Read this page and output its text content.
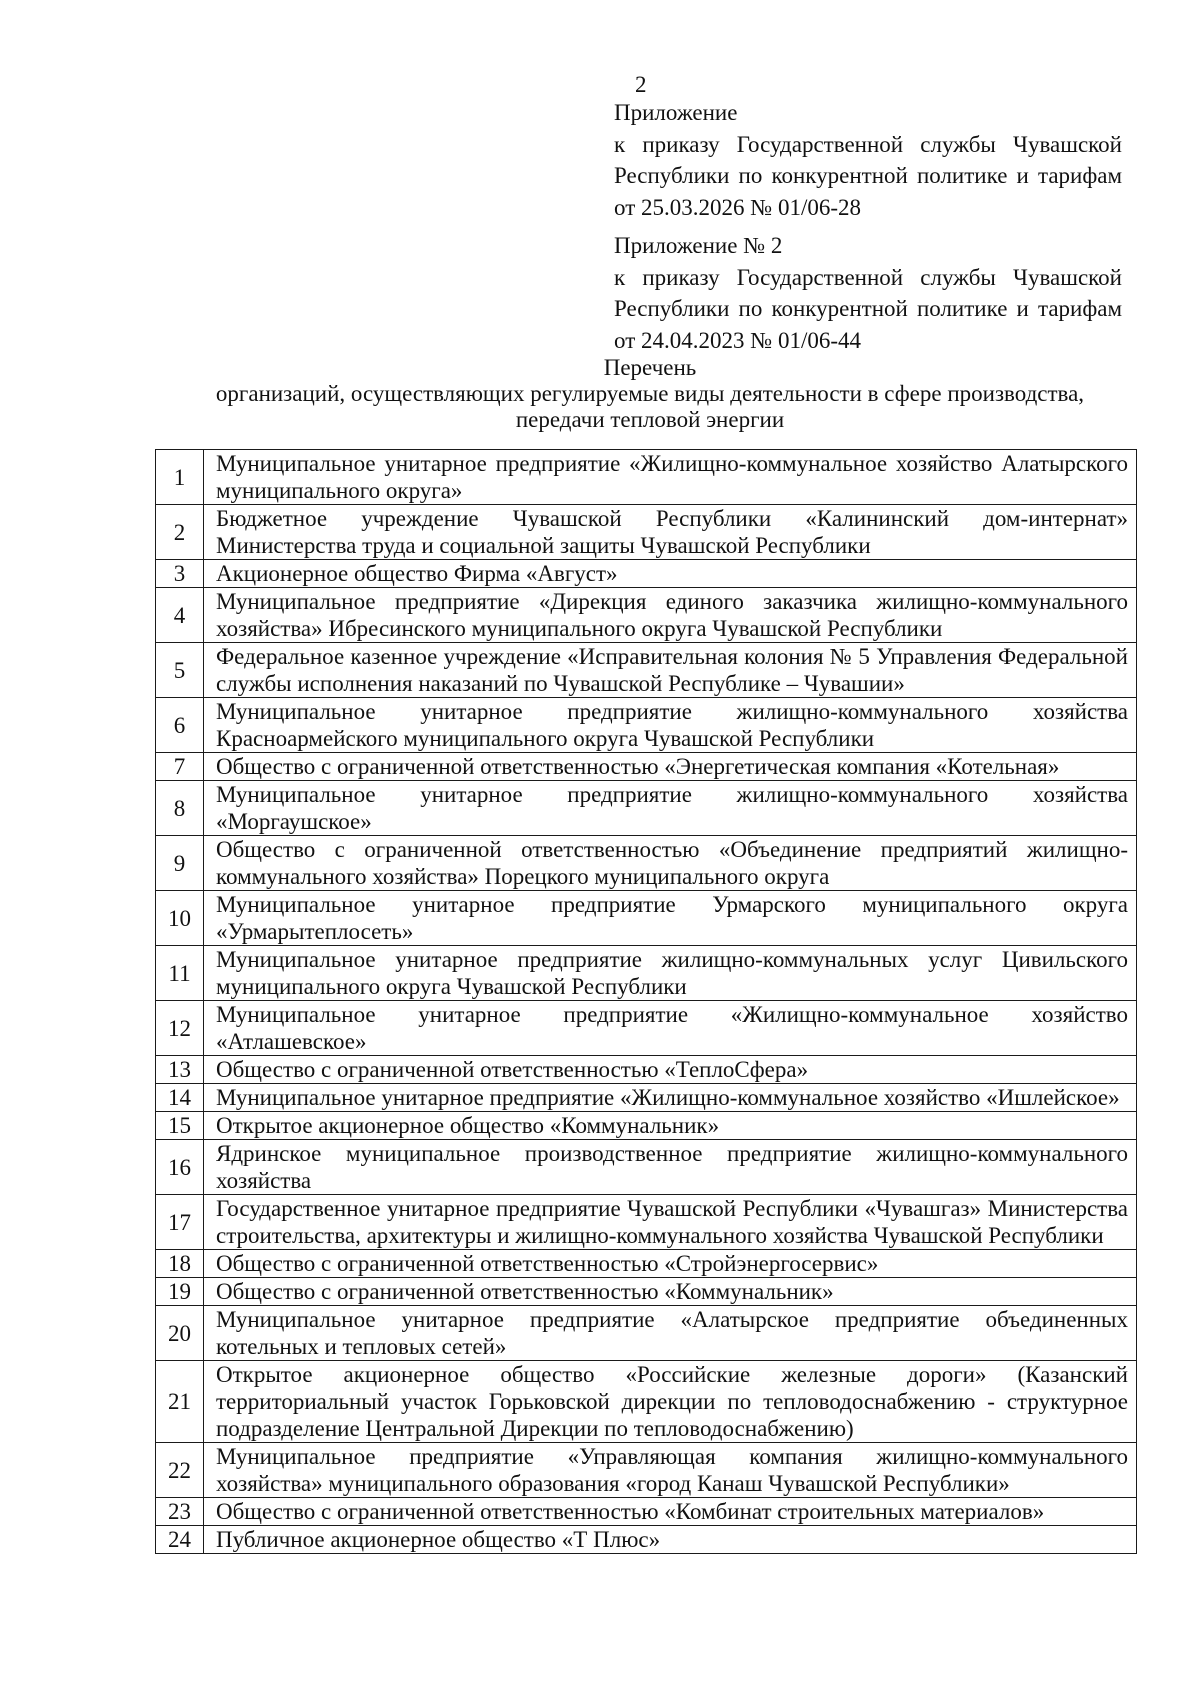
2
Приложение
к приказу Государственной службы Чувашской Республики по конкурентной политике и тарифам от 25.03.2026 № 01/06-28
Приложение № 2
к приказу Государственной службы Чувашской Республики по конкурентной политике и тарифам от 24.04.2023 № 01/06-44
Перечень
организаций, осуществляющих регулируемые виды деятельности в сфере производства,
передачи тепловой энергии
1	Муниципальное унитарное предприятие «Жилищно-коммунальное хозяйство Алатырского муниципального округа»
2	Бюджетное учреждение Чувашской Республики «Калининский дом-интернат» Министерства труда и социальной защиты Чувашской Республики
3	Акционерное общество Фирма «Август»
4	Муниципальное предприятие «Дирекция единого заказчика жилищно-коммунального хозяйства» Ибресинского муниципального округа Чувашской Республики
5	Федеральное казенное учреждение «Исправительная колония № 5 Управления Федеральной службы исполнения наказаний по Чувашской Республике – Чувашии»
6	Муниципальное унитарное предприятие жилищно-коммунального хозяйства Красноармейского муниципального округа Чувашской Республики
7	Общество с ограниченной ответственностью «Энергетическая компания «Котельная»
8	Муниципальное унитарное предприятие жилищно-коммунального хозяйства «Моргаушское»
9	Общество с ограниченной ответственностью «Объединение предприятий жилищно-коммунального хозяйства» Порецкого муниципального округа
10	Муниципальное унитарное предприятие Урмарского муниципального округа «Урмарытеплосеть»
11	Муниципальное унитарное предприятие жилищно-коммунальных услуг Цивильского муниципального округа Чувашской Республики
12	Муниципальное унитарное предприятие «Жилищно-коммунальное хозяйство «Атлашевское»
13	Общество с ограниченной ответственностью «ТеплоСфера»
14	Муниципальное унитарное предприятие «Жилищно-коммунальное хозяйство «Ишлейское»
15	Открытое акционерное общество «Коммунальник»
16	Ядринское муниципальное производственное предприятие жилищно-коммунального хозяйства
17	Государственное унитарное предприятие Чувашской Республики «Чувашгаз» Министерства строительства, архитектуры и жилищно-коммунального хозяйства Чувашской Республики
18	Общество с ограниченной ответственностью «Стройэнергосервис»
19	Общество с ограниченной ответственностью «Коммунальник»
20	Муниципальное унитарное предприятие «Алатырское предприятие объединенных котельных и тепловых сетей»
21	Открытое акционерное общество «Российские железные дороги» (Казанский территориальный участок Горьковской дирекции по тепловодоснабжению - структурное подразделение Центральной Дирекции по тепловодоснабжению)
22	Муниципальное предприятие «Управляющая компания жилищно-коммунального хозяйства» муниципального образования «город Канаш Чувашской Республики»
23	Общество с ограниченной ответственностью «Комбинат строительных материалов»
24	Публичное акционерное общество «Т Плюс»
